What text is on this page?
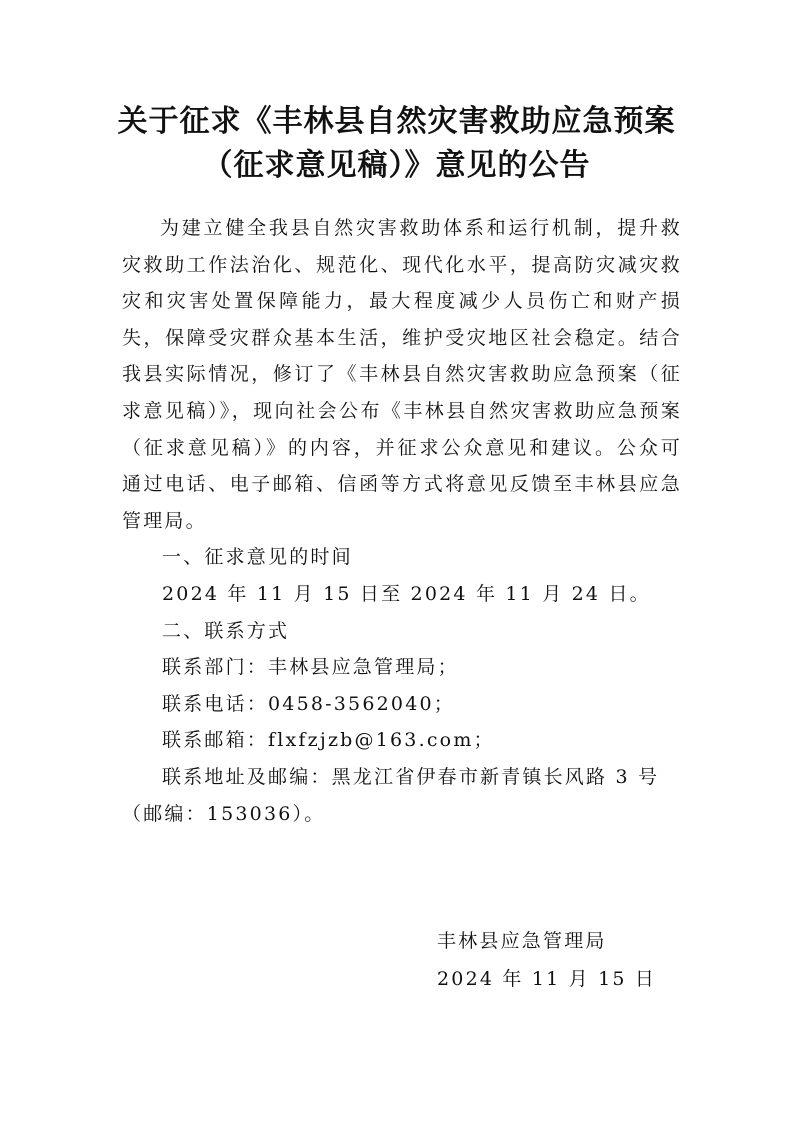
关于征求《丰林县自然灾害救助应急预案
（征求意见稿）》意见的公告

为建立健全我县自然灾害救助体系和运行机制，提升救灾救助工作法治化、规范化、现代化水平，提高防灾减灾救灾和灾害处置保障能力，最大程度减少人员伤亡和财产损失，保障受灾群众基本生活，维护受灾地区社会稳定。结合我县实际情况，修订了《丰林县自然灾害救助应急预案（征求意见稿）》，现向社会公布《丰林县自然灾害救助应急预案（征求意见稿）》的内容，并征求公众意见和建议。公众可通过电话、电子邮箱、信函等方式将意见反馈至丰林县应急管理局。

一、征求意见的时间

2024 年 11 月 15 日至 2024 年 11 月 24 日。

二、联系方式

联系部门：丰林县应急管理局；

联系电话：0458-3562040；

联系邮箱：flxfzjzb@163.com；

联系地址及邮编：黑龙江省伊春市新青镇长风路 3 号（邮编：153036）。

丰林县应急管理局

2024 年 11 月 15 日
